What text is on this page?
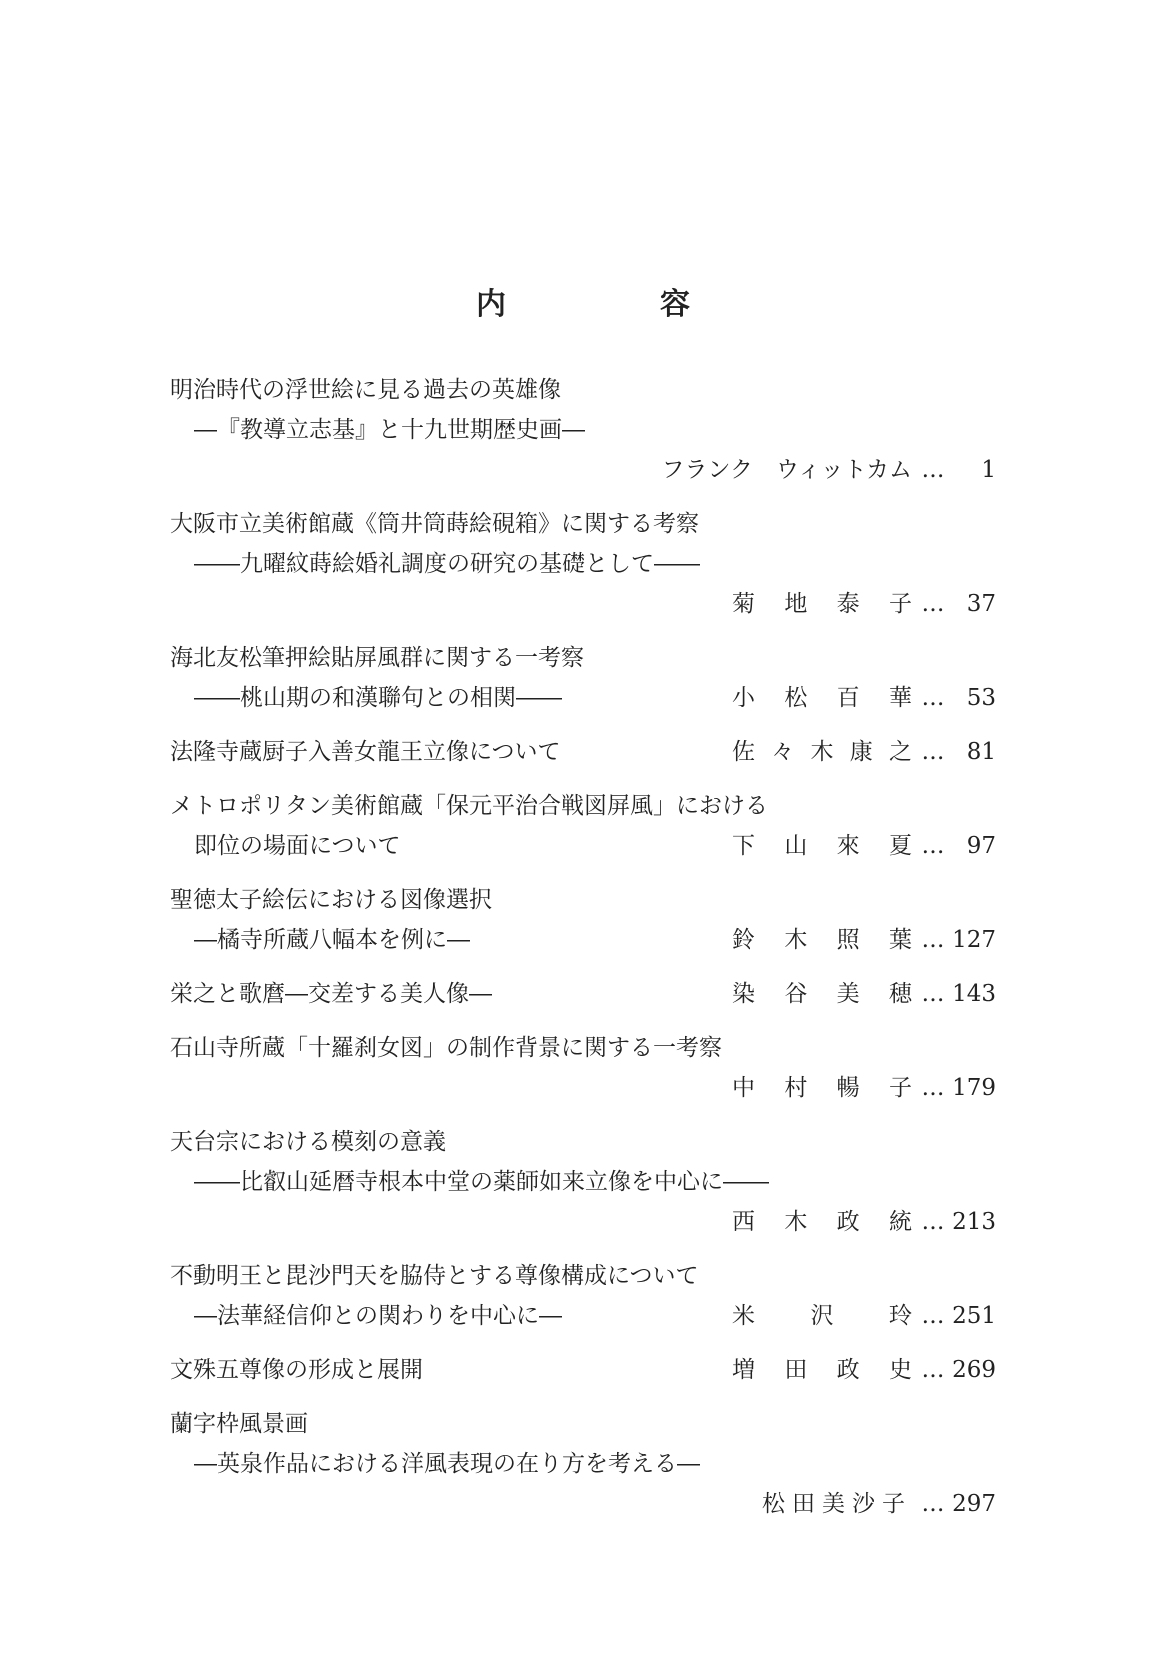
内　容
明治時代の浮世絵に見る過去の英雄像
―『教導立志基』と十九世期歴史画―
フランク　ウィットカム …	1
大阪市立美術館蔵《筒井筒蒔絵硯箱》に関する考察
――九曜紋蒔絵婚礼調度の研究の基礎として――
菊地泰子 … 37
海北友松筆押絵貼屏風群に関する一考察
――桃山期の和漢聯句との相関――	小松百華 … 53
法隆寺蔵厨子入善女龍王立像について	佐々木康之 … 81
メトロポリタン美術館蔵「保元平治合戦図屏風」における
即位の場面について	下山來夏 … 97
聖徳太子絵伝における図像選択
―橘寺所蔵八幅本を例に―	鈴木照葉 … 127
栄之と歌麿―交差する美人像―	染谷美穂 … 143
石山寺所蔵「十羅刹女図」の制作背景に関する一考察
中村暢子 … 179
天台宗における模刻の意義
――比叡山延暦寺根本中堂の薬師如来立像を中心に――
西木政統 … 213
不動明王と毘沙門天を脇侍とする尊像構成について
―法華経信仰との関わりを中心に―	米沢玲 … 251
文殊五尊像の形成と展開	増田政史 … 269
蘭字枠風景画
―英泉作品における洋風表現の在り方を考える―
松田美沙子 … 297
